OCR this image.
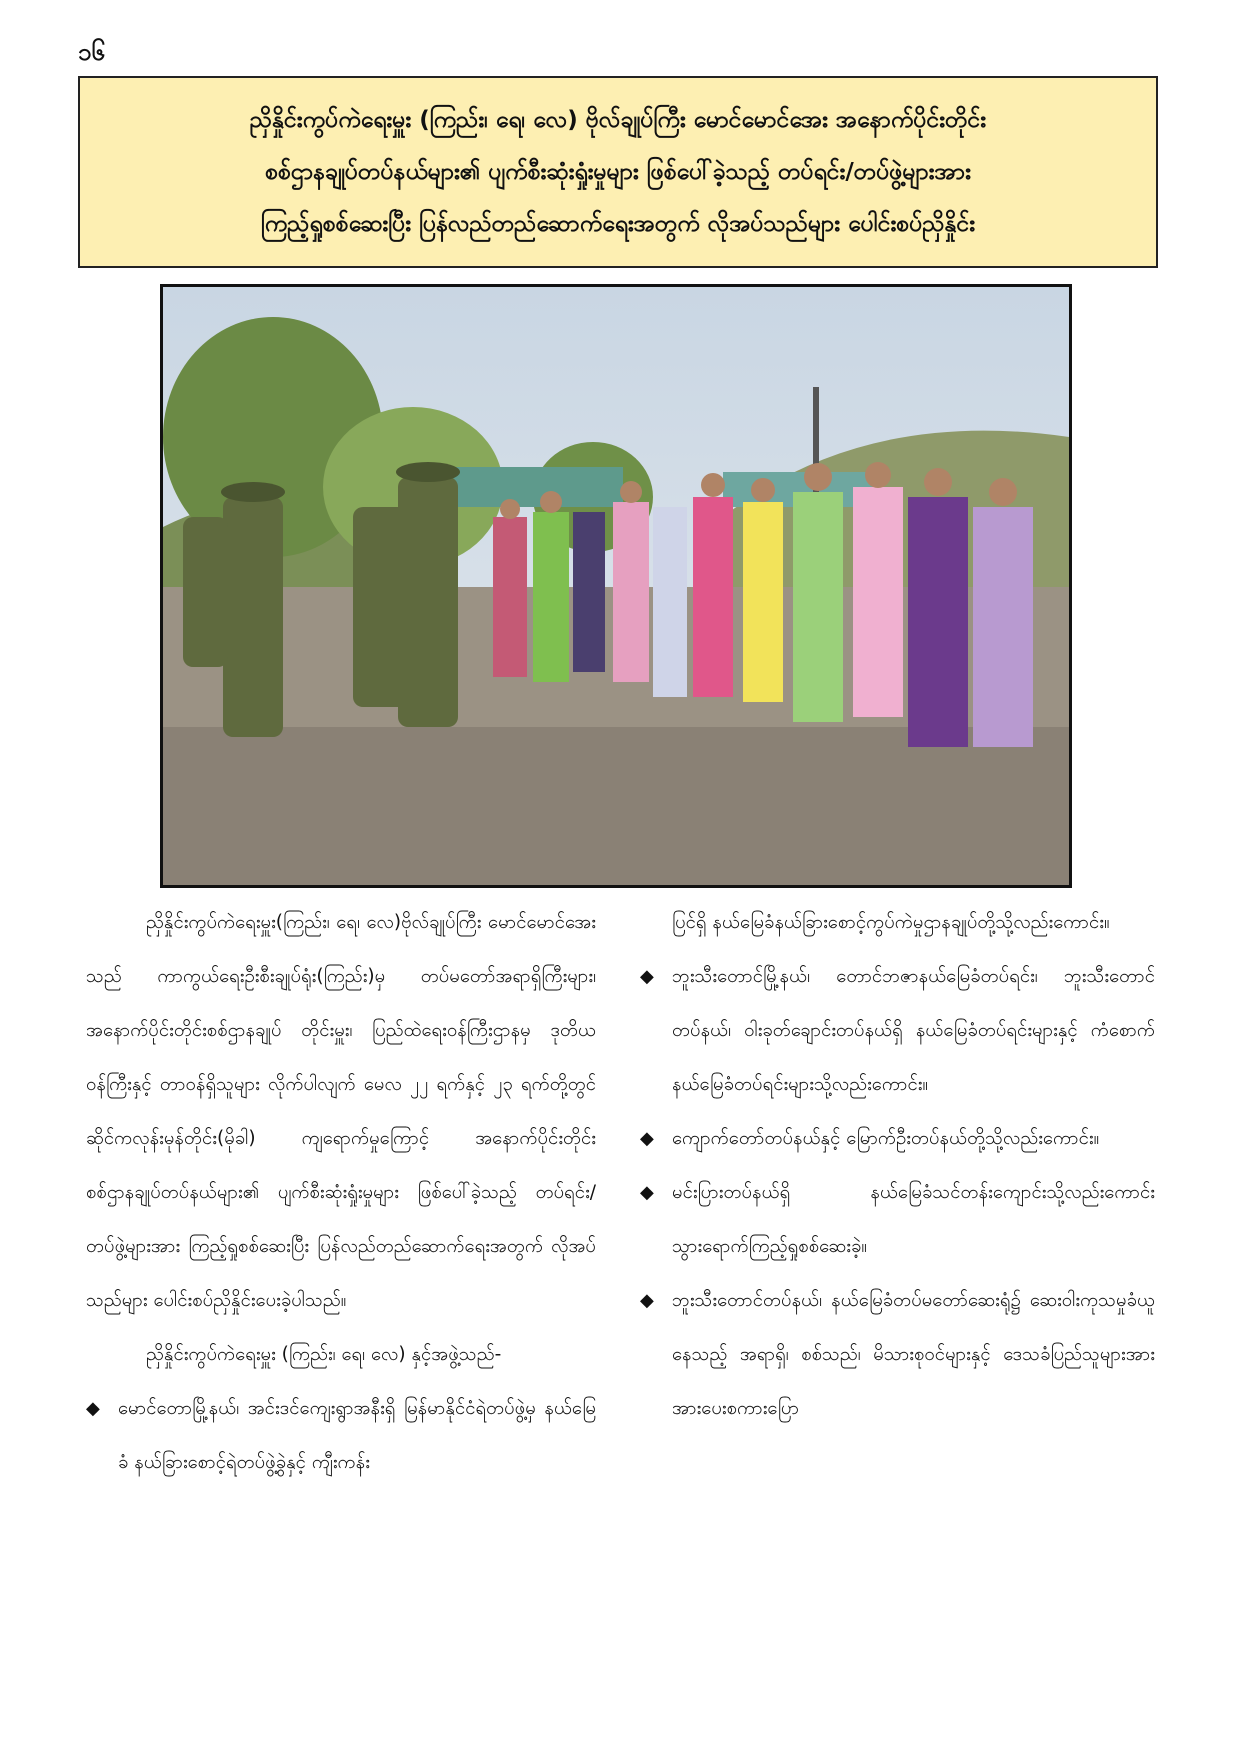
၁၆
ညှိနှိုင်းကွပ်ကဲရေးမှူး (ကြည်း၊ ရေ၊ လေ) ဗိုလ်ချုပ်ကြီး မောင်မောင်အေး အနောက်ပိုင်းတိုင်း
စစ်ဌာနချုပ်တပ်နယ်များ၏ ပျက်စီးဆုံးရှုံးမှုများ ဖြစ်ပေါ်ခဲ့သည့် တပ်ရင်း/တပ်ဖွဲ့များအား
ကြည့်ရှုစစ်ဆေးပြီး ပြန်လည်တည်ဆောက်ရေးအတွက် လိုအပ်သည်များ ပေါင်းစပ်ညှိနှိုင်း

ညှိနှိုင်းကွပ်ကဲရေးမှူး(ကြည်း၊ ရေ၊ လေ)ဗိုလ်ချုပ်ကြီး မောင်မောင်အေးသည် ကာကွယ်ရေးဦးစီးချုပ်ရုံး(ကြည်း)မှ တပ်မတော်အရာရှိကြီးများ၊ အနောက်ပိုင်းတိုင်းစစ်ဌာနချုပ် တိုင်းမှူး၊ ပြည်ထဲရေးဝန်ကြီးဌာနမှ ဒုတိယဝန်ကြီးနှင့် တာဝန်ရှိသူများ လိုက်ပါလျက် မေလ ၂၂ ရက်နှင့် ၂၃ ရက်တို့တွင် ဆိုင်ကလုန်းမုန်တိုင်း(မိုခါ) ကျရောက်မှုကြောင့် အနောက်ပိုင်းတိုင်း စစ်ဌာနချုပ်တပ်နယ်များ၏ ပျက်စီးဆုံးရှုံးမှုများ ဖြစ်ပေါ်ခဲ့သည့် တပ်ရင်း/ တပ်ဖွဲ့များအား ကြည့်ရှုစစ်ဆေးပြီး ပြန်လည်တည်ဆောက်ရေးအတွက် လိုအပ်သည်များ ပေါင်းစပ်ညှိနှိုင်းပေးခဲ့ပါသည်။

ညှိနှိုင်းကွပ်ကဲရေးမှူး (ကြည်း၊ ရေ၊ လေ) နှင့်အဖွဲ့သည်-

◆ မောင်တောမြို့နယ်၊ အင်းဒင်ကျေးရွာအနီးရှိ မြန်မာနိုင်ငံရဲတပ်ဖွဲ့မှ နယ်မြေခံ နယ်ခြားစောင့်ရဲတပ်ဖွဲ့ခွဲနှင့် ကျီးကန်း

ပြင်ရှိ နယ်မြေခံနယ်ခြားစောင့်ကွပ်ကဲမှုဌာနချုပ်တို့သို့လည်းကောင်း။

◆ ဘူးသီးတောင်မြို့နယ်၊ တောင်ဘဇာနယ်မြေခံတပ်ရင်း၊ ဘူးသီးတောင်တပ်နယ်၊ ဝါးခုတ်ချောင်းတပ်နယ်ရှိ နယ်မြေခံတပ်ရင်းများနှင့် ကံစောက်နယ်မြေခံတပ်ရင်းများသို့လည်းကောင်း။
◆ ကျောက်တော်တပ်နယ်နှင့် မြောက်ဦးတပ်နယ်တို့သို့လည်းကောင်း။
◆ မင်းပြားတပ်နယ်ရှိ နယ်မြေခံသင်တန်းကျောင်းသို့လည်းကောင်း သွားရောက်ကြည့်ရှုစစ်ဆေးခဲ့။
◆ ဘူးသီးတောင်တပ်နယ်၊ နယ်မြေခံတပ်မတော်ဆေးရုံ၌ ဆေးဝါးကုသမှုခံယူနေသည့် အရာရှိ၊ စစ်သည်၊ မိသားစုဝင်များနှင့် ဒေသခံပြည်သူများအား အားပေးစကားပြော
